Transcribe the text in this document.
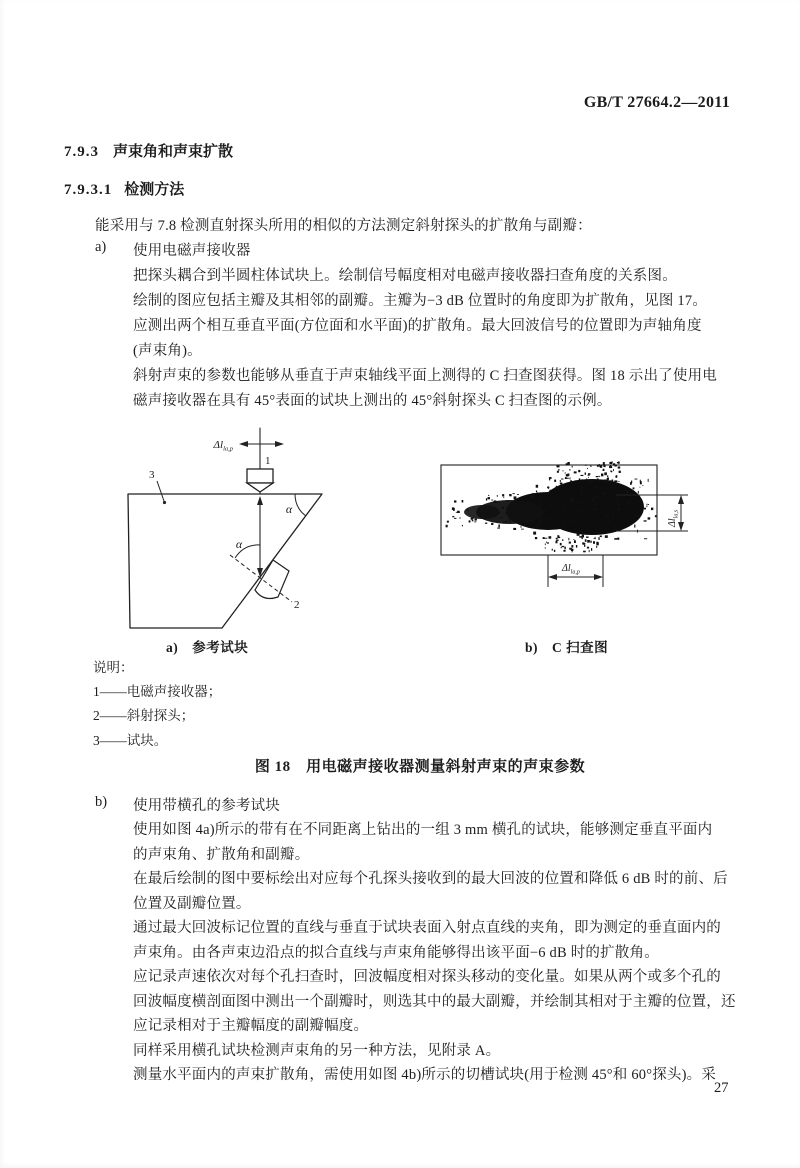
GB/T 27664.2—2011
7.9.3 声束角和声束扩散
7.9.3.1 检测方法
能采用与 7.8 检测直射探头所用的相似的方法测定斜射探头的扩散角与副瓣：
a) 使用电磁声接收器
把探头耦合到半圆柱体试块上。绘制信号幅度相对电磁声接收器扫查角度的关系图。
绘制的图应包括主瓣及其相邻的副瓣。主瓣为−3 dB 位置时的角度即为扩散角，见图 17。
应测出两个相互垂直平面(方位面和水平面)的扩散角。最大回波信号的位置即为声轴角度
(声束角)。
斜射声束的参数也能够从垂直于声束轴线平面上测得的 C 扫查图获得。图 18 示出了使用电
磁声接收器在具有 45°表面的试块上测出的 45°斜射探头 C 扫查图的示例。
$\Delta l_{la,p}$
1
3
α
α
2
$\Delta l_{la,s}$
$\Delta l_{la,p}$
a)　参考试块	b)　C 扫查图
说明：
1——电磁声接收器；
2——斜射探头；
3——试块。
图 18　用电磁声接收器测量斜射声束的声束参数
b) 使用带横孔的参考试块
使用如图 4a)所示的带有在不同距离上钻出的一组 3 mm 横孔的试块，能够测定垂直平面内
的声束角、扩散角和副瓣。
在最后绘制的图中要标绘出对应每个孔探头接收到的最大回波的位置和降低 6 dB 时的前、后
位置及副瓣位置。
通过最大回波标记位置的直线与垂直于试块表面入射点直线的夹角，即为测定的垂直面内的
声束角。由各声束边沿点的拟合直线与声束角能够得出该平面−6 dB 时的扩散角。
应记录声速依次对每个孔扫查时，回波幅度相对探头移动的变化量。如果从两个或多个孔的
回波幅度横剖面图中测出一个副瓣时，则选其中的最大副瓣，并绘制其相对于主瓣的位置，还
应记录相对于主瓣幅度的副瓣幅度。
同样采用横孔试块检测声束角的另一种方法，见附录 A。
测量水平面内的声束扩散角，需使用如图 4b)所示的切槽试块(用于检测 45°和 60°探头)。采
27
